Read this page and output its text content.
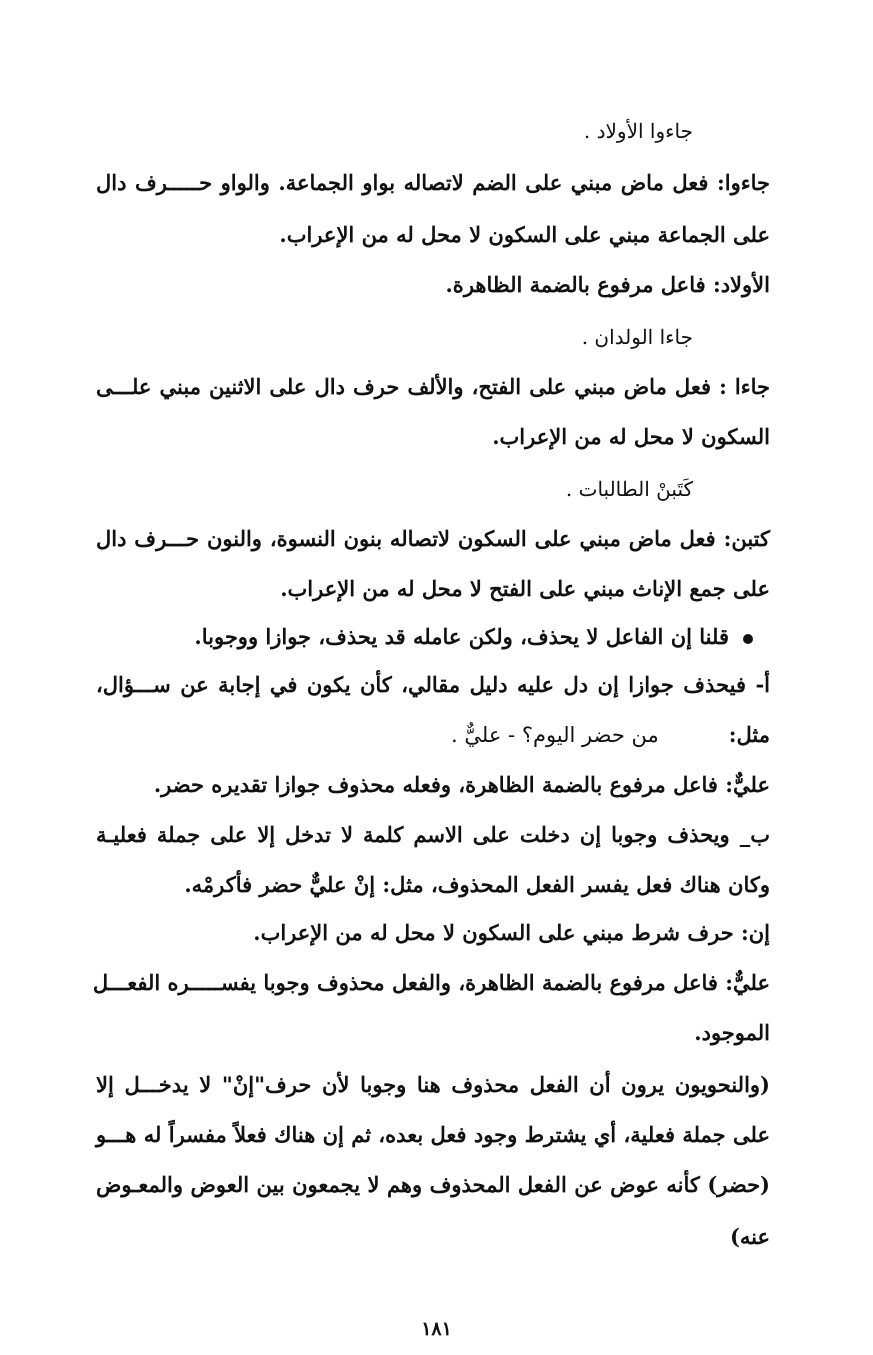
جاءوا الأولاد .
جاءوا: فعل ماض مبني على الضم لاتصاله بواو الجماعة. والواو حـــــرف دال
على الجماعة مبني على السكون لا محل له من الإعراب.
الأولاد: فاعل مرفوع بالضمة الظاهرة.
جاءا الولدان .
جاءا : فعل ماض مبني على الفتح، والألف حرف دال على الاثنين مبني علـــى
السكون لا محل له من الإعراب.
كَتَبنْ الطالبات .
كتبن: فعل ماض مبني على السكون لاتصاله بنون النسوة، والنون حـــرف دال
على جمع الإناث مبني على الفتح لا محل له من الإعراب.
قلنا إن الفاعل لا يحذف، ولكن عامله قد يحذف، جوازا ووجوبا.
أ- فيحذف جوازا إن دل عليه دليل مقالي، كأن يكون في إجابة عن ســـؤال،
مثل:
من حضر اليوم؟ - عليٌّ .
عليٌّ: فاعل مرفوع بالضمة الظاهرة، وفعله محذوف جوازا تقديره حضر.
ب_ ويحذف وجوبا إن دخلت على الاسم كلمة لا تدخل إلا على جملة فعليـة
وكان هناك فعل يفسر الفعل المحذوف، مثل: إنْ عليٌّ حضر فأكرمْه.
إن: حرف شرط مبني على السكون لا محل له من الإعراب.
عليٌّ: فاعل مرفوع بالضمة الظاهرة، والفعل محذوف وجوبا يفســـــره الفعـــل
الموجود.
(والنحويون يرون أن الفعل محذوف هنا وجوبا لأن حرف"إنْ" لا يدخـــل إلا
على جملة فعلية، أي يشترط وجود فعل بعده، ثم إن هناك فعلاً مفسراً له هـــو
(حضر) كأنه عوض عن الفعل المحذوف وهم لا يجمعون بين العوض والمعـوض
عنه)
١٨١
